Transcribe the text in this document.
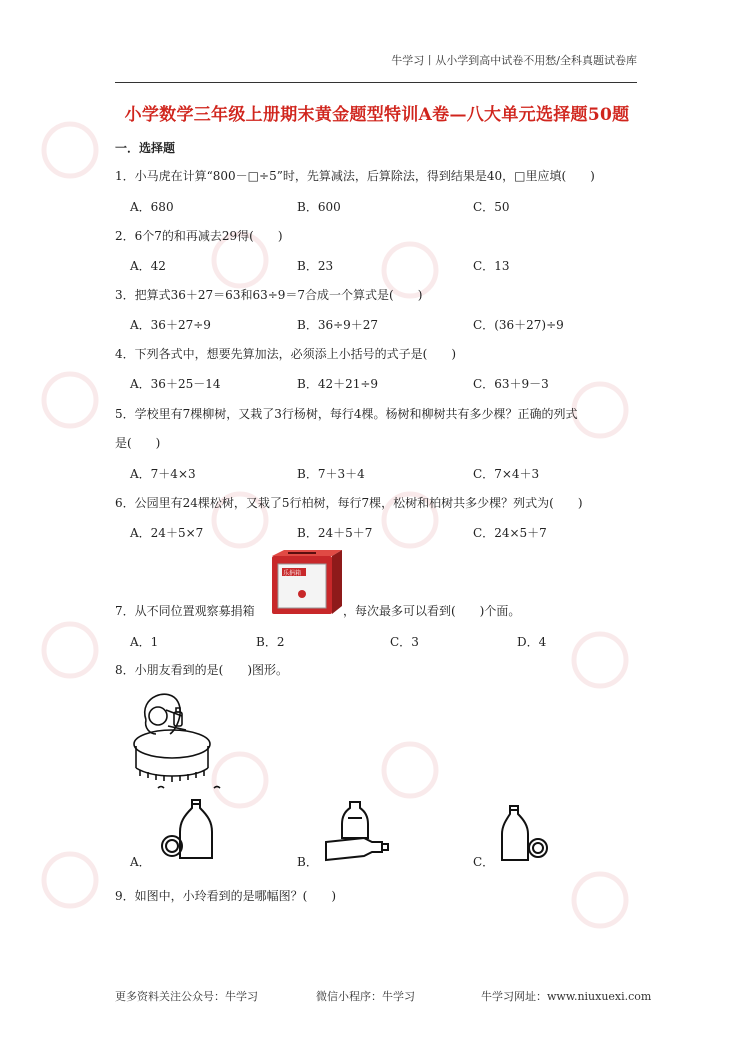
牛学习丨从小学到高中试卷不用愁/全科真题试卷库
小学数学三年级上册期末黄金题型特训A卷—八大单元选择题50题
一．选择题
1．小马虎在计算“800－□÷5”时，先算减法，后算除法，得到结果是40，□里应填(　　)
A．680	B．600	C．50
2．6个7的和再减去29得(　　)
A．42	B．23	C．13
3．把算式36＋27＝63和63÷9＝7合成一个算式是(　　)
A．36＋27÷9	B．36÷9＋27	C．(36＋27)÷9
4．下列各式中，想要先算加法，必须添上小括号的式子是(　　)
A．36＋25－14	B．42＋21÷9	C．63＋9－3
5．学校里有7棵柳树，又栽了3行杨树，每行4棵。杨树和柳树共有多少棵？正确的列式
是(　　)
A．7＋4×3	B．7＋3＋4	C．7×4＋3
6．公园里有24棵松树，又栽了5行柏树，每行7棵，松树和柏树共多少棵？列式为(　　)
A．24＋5×7	B．24＋5＋7	C．24×5＋7
乐捐箱
7．从不同位置观察募捐箱	，每次最多可以看到(　　)个面。
A．1	B．2	C．3	D．4
8．小朋友看到的是(　　)图形。
A．	B．	C．
9．如图中，小玲看到的是哪幅图？(　　)
更多资料关注公众号：牛学习	微信小程序：牛学习	牛学习网址：www.niuxuexi.com
